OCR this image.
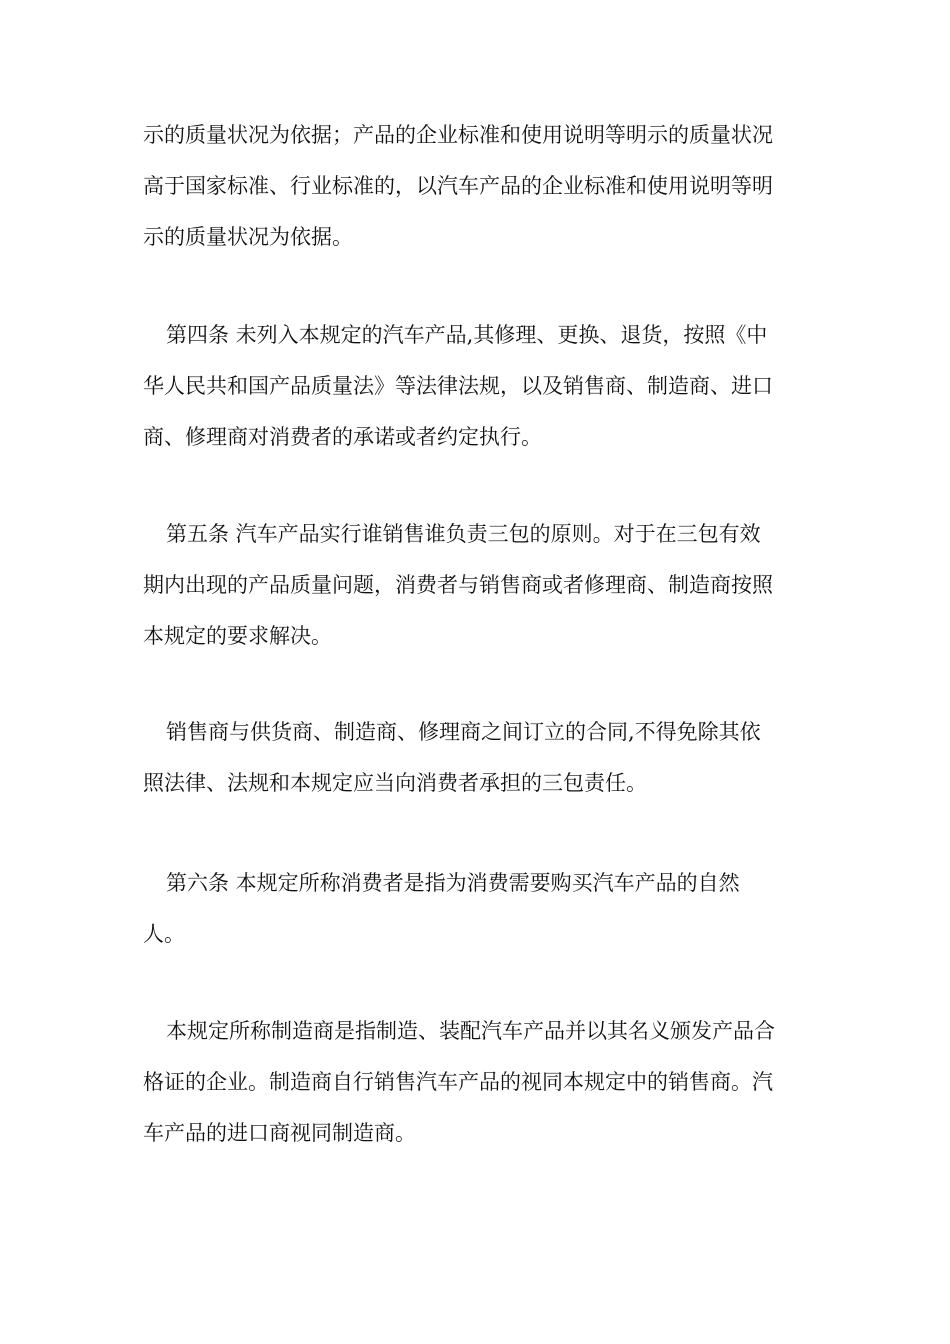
示的质量状况为依据；产品的企业标准和使用说明等明示的质量状况
高于国家标准、行业标准的，以汽车产品的企业标准和使用说明等明
示的质量状况为依据。
第四条 未列入本规定的汽车产品,其修理、更换、退货，按照《中
华人民共和国产品质量法》等法律法规，以及销售商、制造商、进口
商、修理商对消费者的承诺或者约定执行。
第五条 汽车产品实行谁销售谁负责三包的原则。对于在三包有效
期内出现的产品质量问题，消费者与销售商或者修理商、制造商按照
本规定的要求解决。
销售商与供货商、制造商、修理商之间订立的合同,不得免除其依
照法律、法规和本规定应当向消费者承担的三包责任。
第六条 本规定所称消费者是指为消费需要购买汽车产品的自然
人。
本规定所称制造商是指制造、装配汽车产品并以其名义颁发产品合
格证的企业。制造商自行销售汽车产品的视同本规定中的销售商。汽
车产品的进口商视同制造商。
